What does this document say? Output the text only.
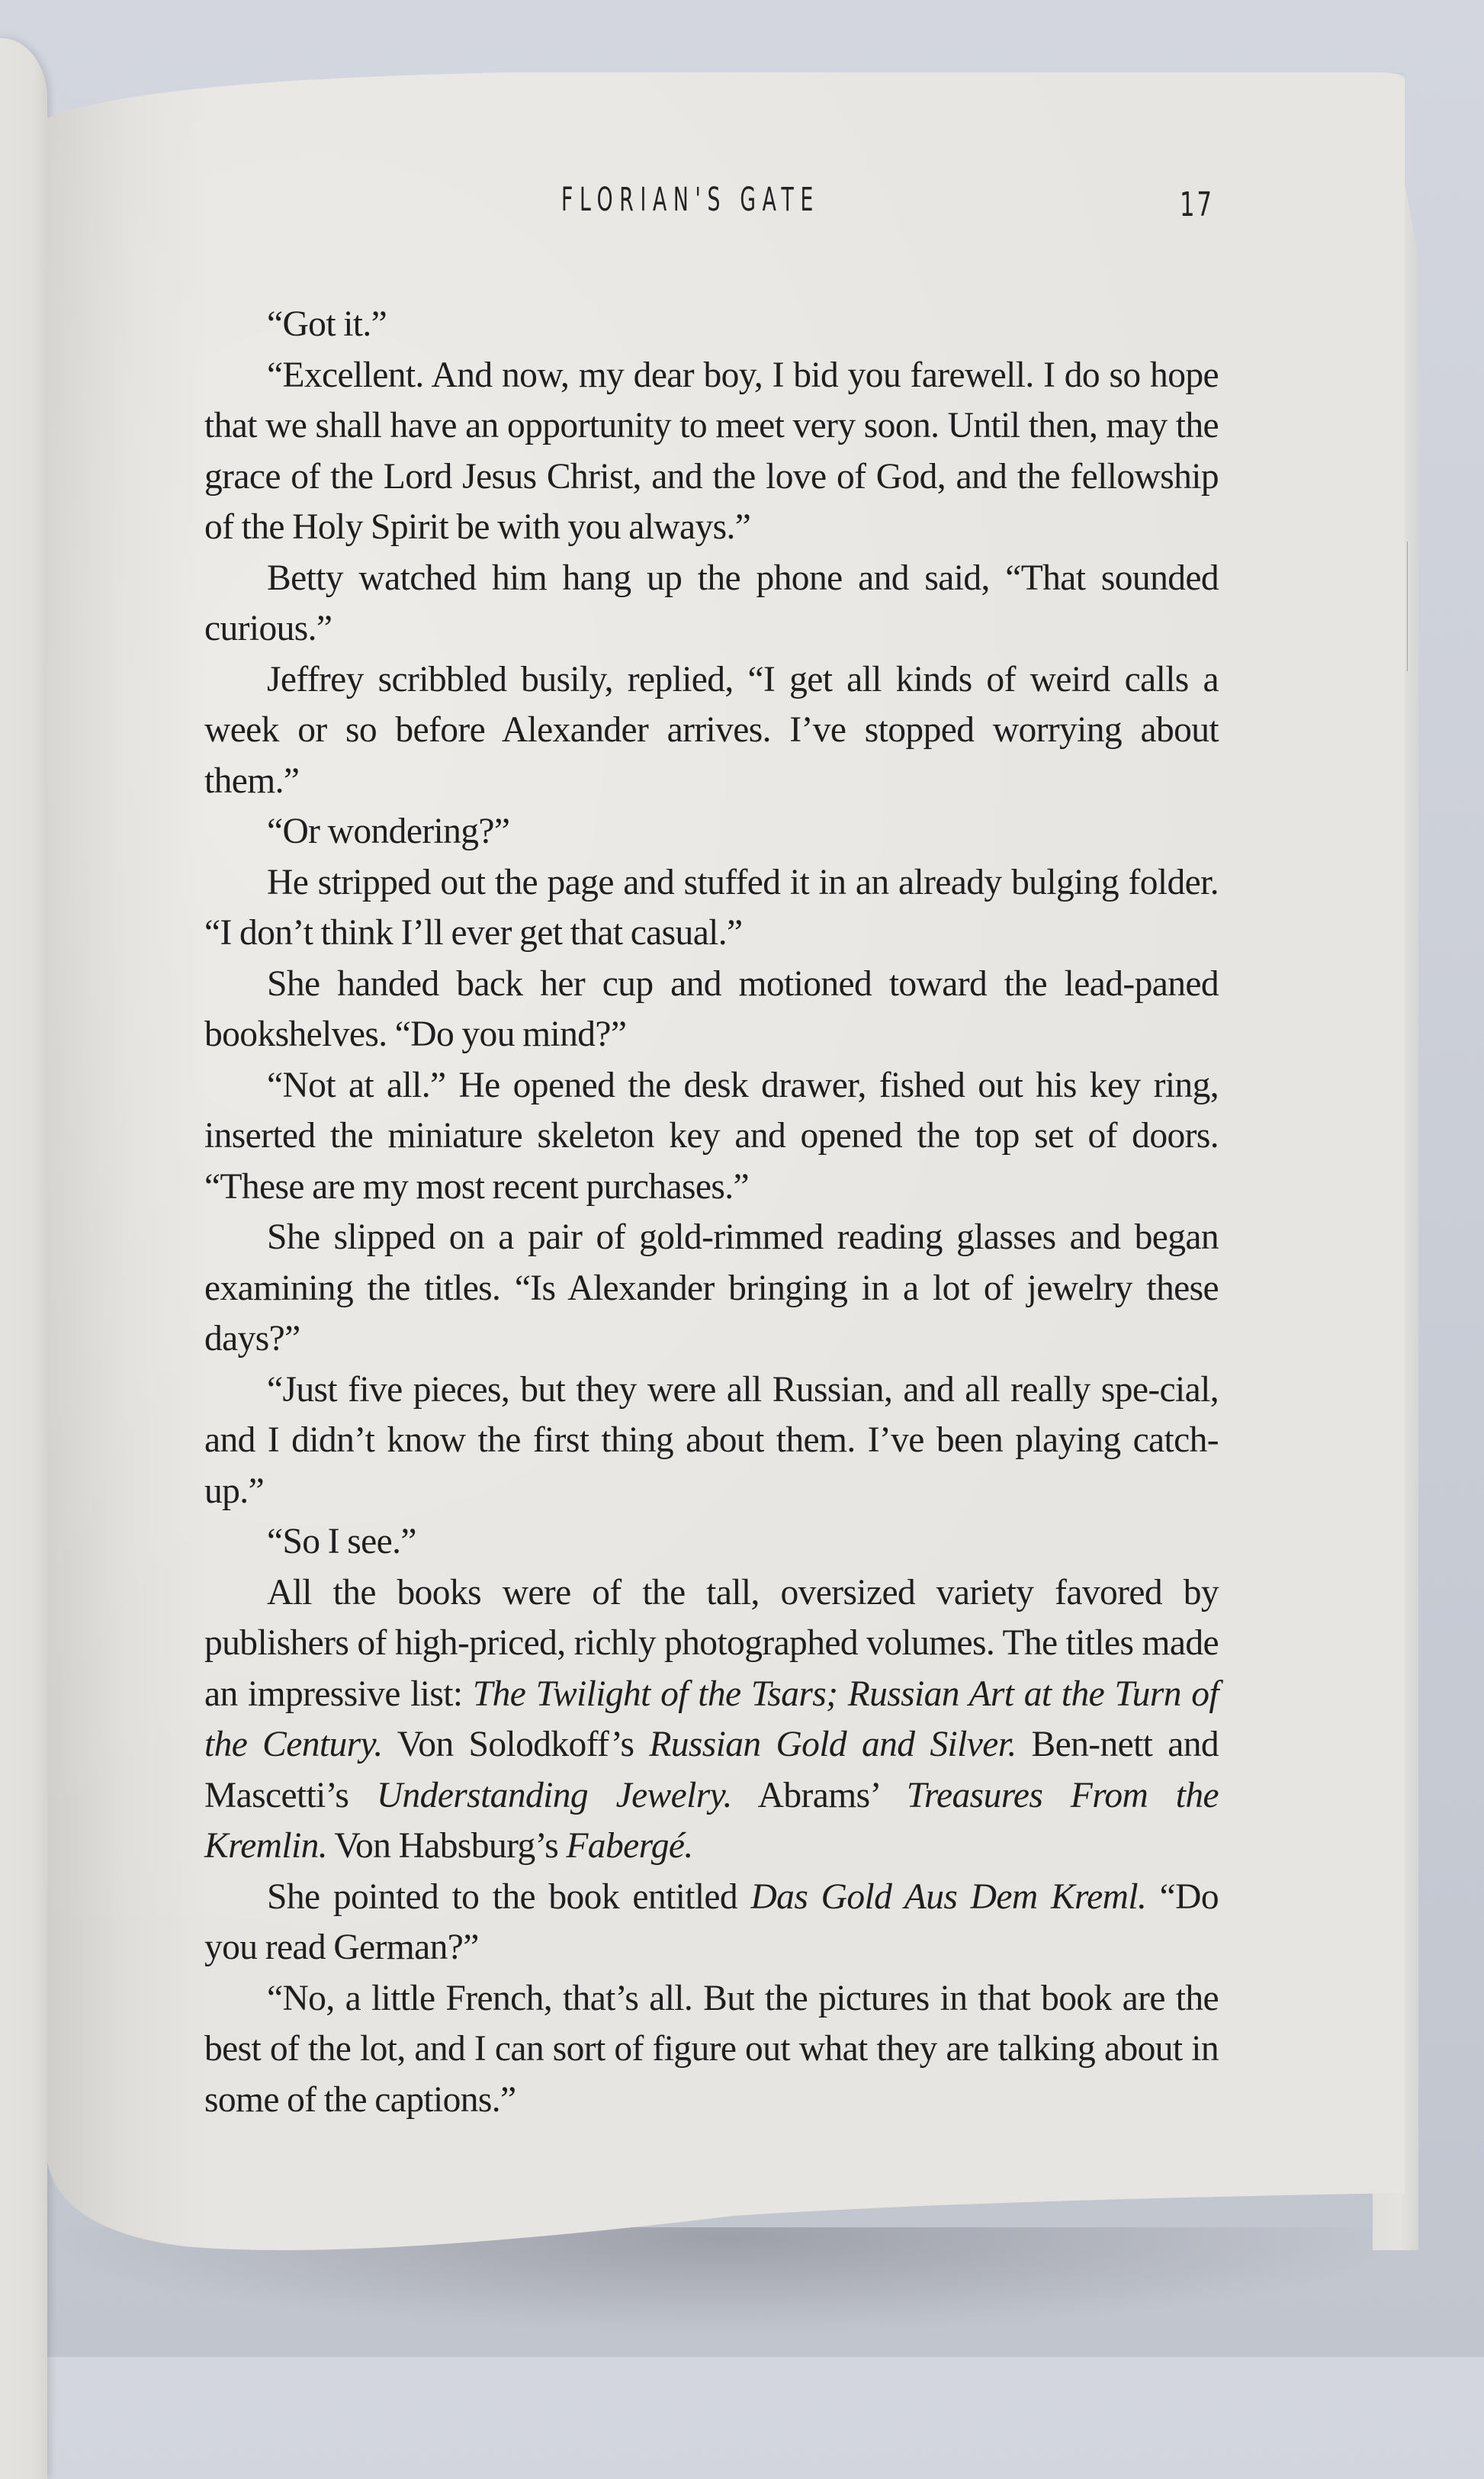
FLORIAN'S GATE	17

“Got it.”

“Excellent. And now, my dear boy, I bid you farewell. I do so hope that we shall have an opportunity to meet very soon. Until then, may the grace of the Lord Jesus Christ, and the love of God, and the fellowship of the Holy Spirit be with you always.”

Betty watched him hang up the phone and said, “That sounded curious.”

Jeffrey scribbled busily, replied, “I get all kinds of weird calls a week or so before Alexander arrives. I’ve stopped worrying about them.”

“Or wondering?”

He stripped out the page and stuffed it in an already bulging folder. “I don’t think I’ll ever get that casual.”

She handed back her cup and motioned toward the lead-paned bookshelves. “Do you mind?”

“Not at all.” He opened the desk drawer, fished out his key ring, inserted the miniature skeleton key and opened the top set of doors. “These are my most recent purchases.”

She slipped on a pair of gold-rimmed reading glasses and began examining the titles. “Is Alexander bringing in a lot of jewelry these days?”

“Just five pieces, but they were all Russian, and all really spe-cial, and I didn’t know the first thing about them. I’ve been playing catch-up.”

“So I see.”

All the books were of the tall, oversized variety favored by publishers of high-priced, richly photographed volumes. The titles made an impressive list: The Twilight of the Tsars; Russian Art at the Turn of the Century. Von Solodkoff’s Russian Gold and Silver. Ben-nett and Mascetti’s Understanding Jewelry. Abrams’ Treasures From the Kremlin. Von Habsburg’s Fabergé.

She pointed to the book entitled Das Gold Aus Dem Kreml. “Do you read German?”

“No, a little French, that’s all. But the pictures in that book are the best of the lot, and I can sort of figure out what they are talking about in some of the captions.”
